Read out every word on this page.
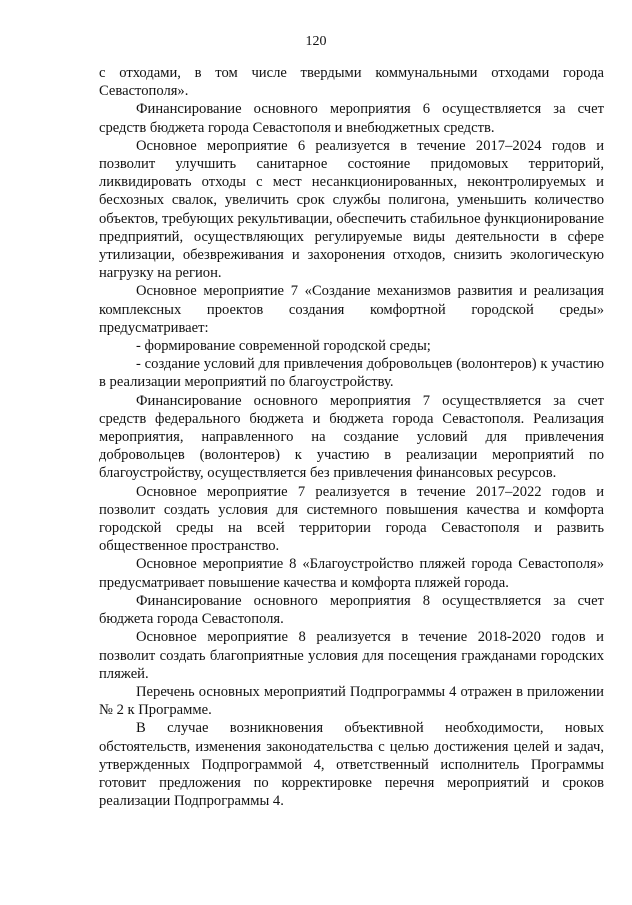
120

с отходами, в том числе твердыми коммунальными отходами города Севастополя».

Финансирование основного мероприятия 6 осуществляется за счет средств бюджета города Севастополя и внебюджетных средств.

Основное мероприятие 6 реализуется в течение 2017–2024 годов и позволит улучшить санитарное состояние придомовых территорий, ликвидировать отходы с мест несанкционированных, неконтролируемых и бесхозных свалок, увеличить срок службы полигона, уменьшить количество объектов, требующих рекультивации, обеспечить стабильное функционирование предприятий, осуществляющих регулируемые виды деятельности в сфере утилизации, обезвреживания и захоронения отходов, снизить экологическую нагрузку на регион.

Основное мероприятие 7 «Создание механизмов развития и реализация комплексных проектов создания комфортной городской среды» предусматривает:

- формирование современной городской среды;

- создание условий для привлечения добровольцев (волонтеров) к участию в реализации мероприятий по благоустройству.

Финансирование основного мероприятия 7 осуществляется за счет средств федерального бюджета и бюджета города Севастополя. Реализация мероприятия, направленного на создание условий для привлечения добровольцев (волонтеров) к участию в реализации мероприятий по благоустройству, осуществляется без привлечения финансовых ресурсов.

Основное мероприятие 7 реализуется в течение 2017–2022 годов и позволит создать условия для системного повышения качества и комфорта городской среды на всей территории города Севастополя и развить общественное пространство.

Основное мероприятие 8 «Благоустройство пляжей города Севастополя» предусматривает повышение качества и комфорта пляжей города.

Финансирование основного мероприятия 8 осуществляется за счет бюджета города Севастополя.

Основное мероприятие 8 реализуется в течение 2018-2020 годов и позволит создать благоприятные условия для посещения гражданами городских пляжей.

Перечень основных мероприятий Подпрограммы 4 отражен в приложении № 2 к Программе.

В случае возникновения объективной необходимости, новых обстоятельств, изменения законодательства с целью достижения целей и задач, утвержденных Подпрограммой 4, ответственный исполнитель Программы готовит предложения по корректировке перечня мероприятий и сроков реализации Подпрограммы 4.
